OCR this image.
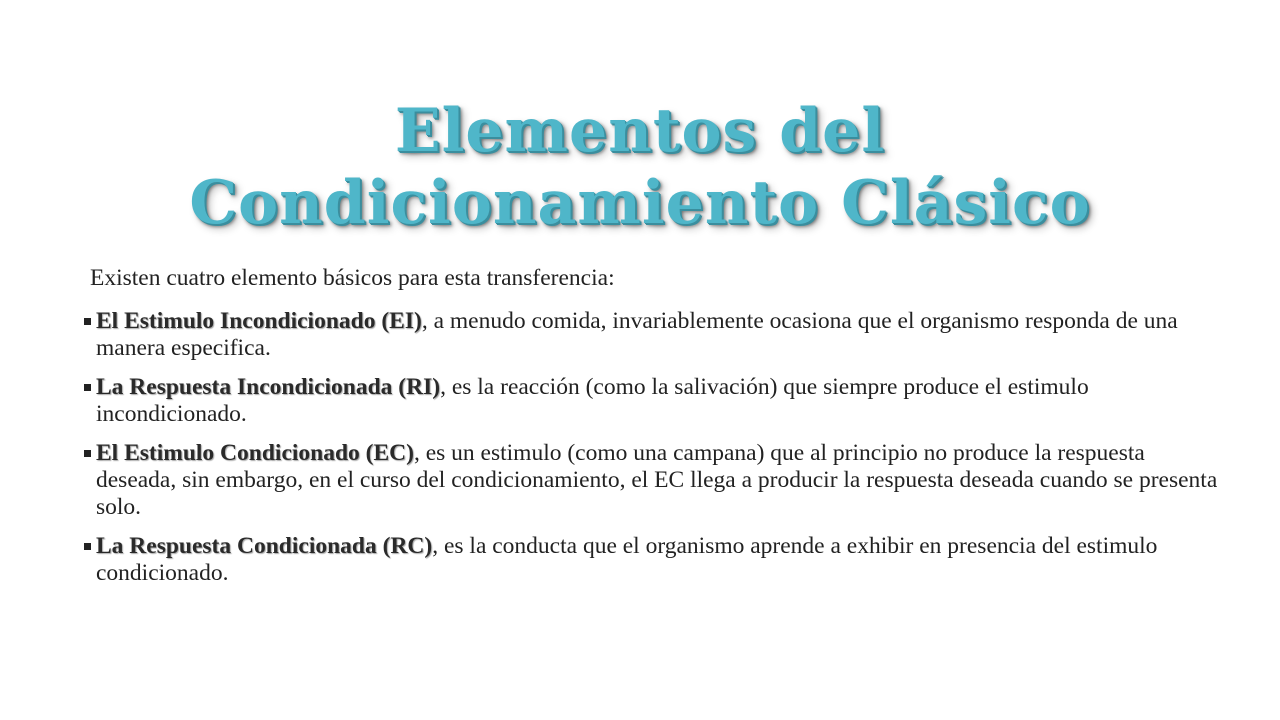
Elementos del
Condicionamiento Clásico

Existen cuatro elemento básicos para esta transferencia:

El Estimulo Incondicionado (EI), a menudo comida, invariablemente ocasiona que el organismo responda de una manera especifica.
La Respuesta Incondicionada (RI), es la reacción (como la salivación) que siempre produce el estimulo incondicionado.
El Estimulo Condicionado (EC), es un estimulo (como una campana) que al principio no produce la respuesta deseada, sin embargo, en el curso del condicionamiento, el EC llega a producir la respuesta deseada cuando se presenta solo.
La Respuesta Condicionada (RC), es la conducta que el organismo aprende a exhibir en presencia del estimulo condicionado.
